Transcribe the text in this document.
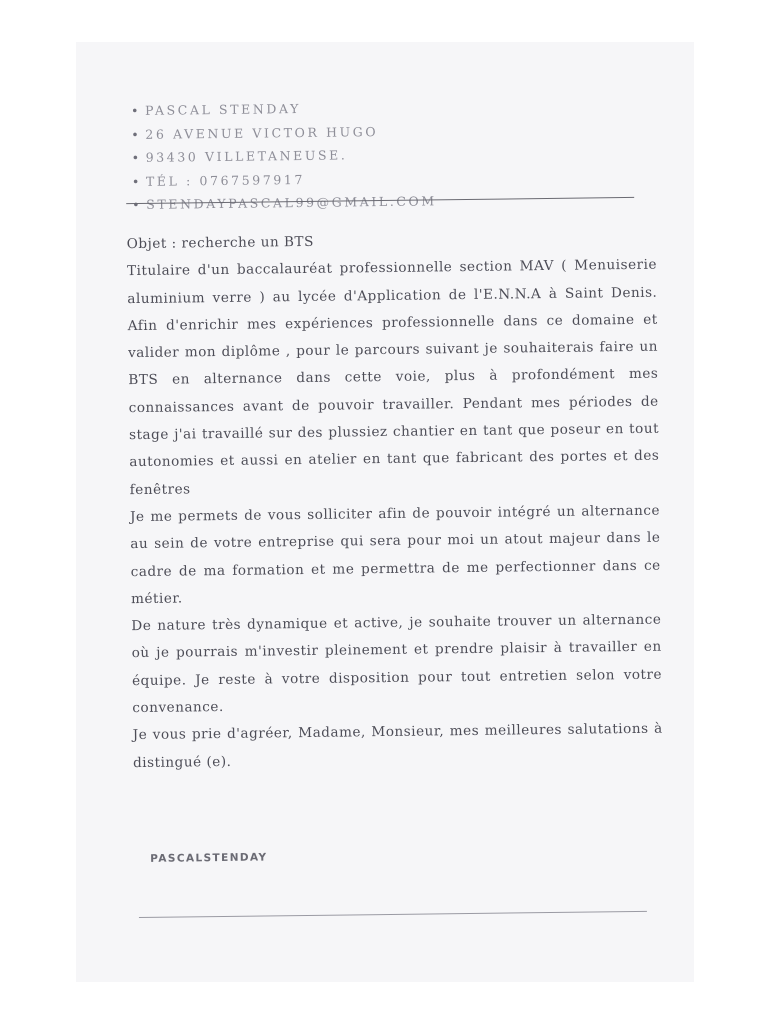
• PASCAL STENDAY
• 26 AVENUE VICTOR HUGO
• 93430 VILLETANEUSE.
• TÉL : 0767597917
• STENDAYPASCAL99@GMAIL.COM

Objet : recherche un BTS

Titulaire d'un baccalauréat professionnelle section MAV ( Menuiserie aluminium verre ) au lycée d'Application de l'E.N.N.A à Saint Denis. Afin d'enrichir mes expériences professionnelle dans ce domaine et valider mon diplôme , pour le parcours suivant je souhaiterais faire un BTS en alternance dans cette voie, plus à profondément mes connaissances avant de pouvoir travailler. Pendant mes périodes de stage j'ai travaillé sur des plussiez chantier en tant que poseur en tout autonomies et aussi en atelier en tant que fabricant des portes et des fenêtres

Je me permets de vous solliciter afin de pouvoir intégré un alternance au sein de votre entreprise qui sera pour moi un atout majeur dans le cadre de ma formation et me permettra de me perfectionner dans ce métier.

De nature très dynamique et active, je souhaite trouver un alternance où je pourrais m'investir pleinement et prendre plaisir à travailler en équipe. Je reste à votre disposition pour tout entretien selon votre convenance.

Je vous prie d'agréer, Madame, Monsieur, mes meilleures salutations à distingué (e).

PASCALSTENDAY
